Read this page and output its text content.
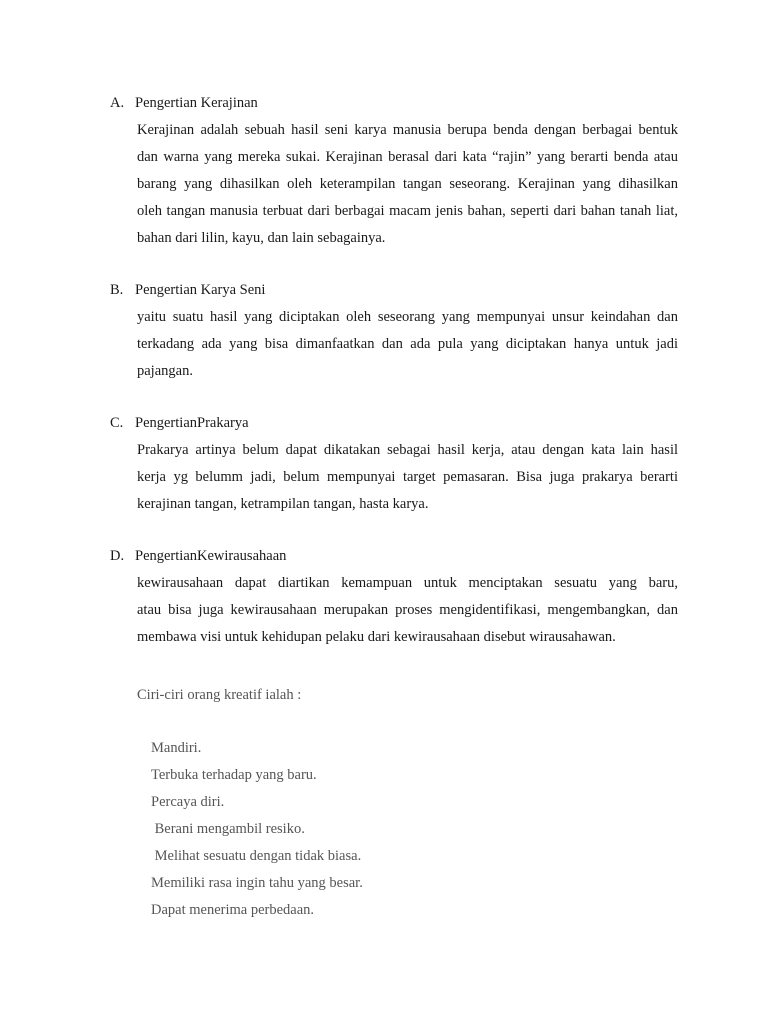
A. Pengertian Kerajinan
Kerajinan adalah sebuah hasil seni karya manusia berupa benda dengan berbagai bentuk
dan warna yang mereka sukai. Kerajinan berasal dari kata “rajin” yang berarti benda atau
barang yang dihasilkan oleh keterampilan tangan seseorang. Kerajinan yang dihasilkan
oleh tangan manusia terbuat dari berbagai macam jenis bahan, seperti dari bahan tanah liat,
bahan dari lilin, kayu, dan lain sebagainya.
B. Pengertian Karya Seni
yaitu suatu hasil yang diciptakan oleh seseorang yang mempunyai unsur keindahan dan
terkadang ada yang bisa dimanfaatkan dan ada pula yang diciptakan hanya untuk jadi
pajangan.
C. PengertianPrakarya
Prakarya artinya belum dapat dikatakan sebagai hasil kerja, atau dengan kata lain hasil
kerja yg belumm jadi, belum mempunyai target pemasaran. Bisa juga prakarya berarti
kerajinan tangan, ketrampilan tangan, hasta karya.
D. PengertianKewirausahaan
kewirausahaan dapat diartikan kemampuan untuk menciptakan sesuatu yang baru,
atau bisa juga kewirausahaan merupakan proses mengidentifikasi, mengembangkan, dan
membawa visi untuk kehidupan pelaku dari kewirausahaan disebut wirausahawan.
Ciri-ciri orang kreatif ialah :
Mandiri.
Terbuka terhadap yang baru.
Percaya diri.
Berani mengambil resiko.
Melihat sesuatu dengan tidak biasa.
Memiliki rasa ingin tahu yang besar.
Dapat menerima perbedaan.
